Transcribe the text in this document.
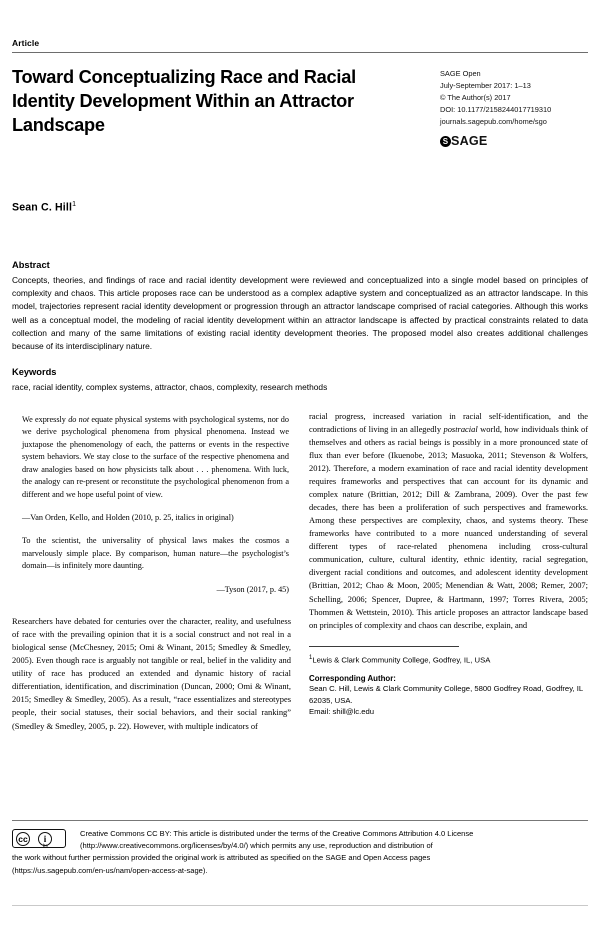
Article
Toward Conceptualizing Race and Racial Identity Development Within an Attractor Landscape
SAGE Open
July-September 2017: 1–13
© The Author(s) 2017
DOI: 10.1177/2158244017719310
journals.sagepub.com/home/sgo
S SAGE
Sean C. Hill$^1$
Abstract
Concepts, theories, and findings of race and racial identity development were reviewed and conceptualized into a single model based on principles of complexity and chaos. This article proposes race can be understood as a complex adaptive system and conceptualized as an attractor landscape. In this model, trajectories represent racial identity development or progression through an attractor landscape comprised of racial categories. Although this works well as a conceptual model, the modeling of racial identity development within an attractor landscape is affected by practical constraints related to data collection and many of the same limitations of existing racial identity development theories. The proposed model also creates additional challenges because of its interdisciplinary nature.
Keywords
race, racial identity, complex systems, attractor, chaos, complexity, research methods

We expressly do not equate physical systems with psychological systems, nor do we derive psychological phenomena from physical phenomena. Instead we juxtapose the phenomenology of each, the patterns or events in the respective system behaviors. We stay close to the surface of the respective phenomena and draw analogies based on how physicists talk about . . . phenomena. With luck, the analogy can re-present or reconstitute the psychological phenomenon from a different and we hope useful point of view.

—Van Orden, Kello, and Holden (2010, p. 25, italics in original)

To the scientist, the universality of physical laws makes the cosmos a marvelously simple place. By comparison, human nature—the psychologist’s domain—is infinitely more daunting.

—Tyson (2017, p. 45)

Researchers have debated for centuries over the character, reality, and usefulness of race with the prevailing opinion that it is a social construct and not real in a biological sense (McChesney, 2015; Omi & Winant, 2015; Smedley & Smedley, 2005). Even though race is arguably not tangible or real, belief in the validity and utility of race has produced an extended and dynamic history of racial differentiation, identification, and discrimination (Duncan, 2000; Omi & Winant, 2015; Smedley & Smedley, 2005). As a result, “race essentializes and stereotypes people, their social statuses, their social behaviors, and their social ranking” (Smedley & Smedley, 2005, p. 22). However, with multiple indicators of

racial progress, increased variation in racial self-identification, and the contradictions of living in an allegedly postracial world, how individuals think of themselves and others as racial beings is possibly in a more pronounced state of flux than ever before (Ikuenobe, 2013; Masuoka, 2011; Stevenson & Wolfers, 2012). Therefore, a modern examination of race and racial identity development requires frameworks and perspectives that can account for its dynamic and complex nature (Brittian, 2012; Dill & Zambrana, 2009). Over the past few decades, there has been a proliferation of such perspectives and frameworks. Among these perspectives are complexity, chaos, and systems theory. These frameworks have contributed to a more nuanced understanding of several different types of race-related phenomena including cross-cultural communication, culture, cultural identity, ethnic identity, racial segregation, divergent racial conditions and outcomes, and adolescent identity development (Brittian, 2012; Chao & Moon, 2005; Menendian & Watt, 2008; Remer, 2007; Schelling, 2006; Spencer, Dupree, & Hartmann, 1997; Torres Rivera, 2005; Thommen & Wettstein, 2010). This article proposes an attractor landscape based on principles of complexity and chaos can describe, explain, and

$^1$Lewis & Clark Community College, Godfrey, IL, USA
Corresponding Author:
Sean C. Hill, Lewis & Clark Community College, 5800 Godfrey Road, Godfrey, IL 62035, USA.
Email: shill@lc.edu
cc	i
by
Creative Commons CC BY: This article is distributed under the terms of the Creative Commons Attribution 4.0 License
(http://www.creativecommons.org/licenses/by/4.0/) which permits any use, reproduction and distribution of
the work without further permission provided the original work is attributed as specified on the SAGE and Open Access pages
(https://us.sagepub.com/en-us/nam/open-access-at-sage).
